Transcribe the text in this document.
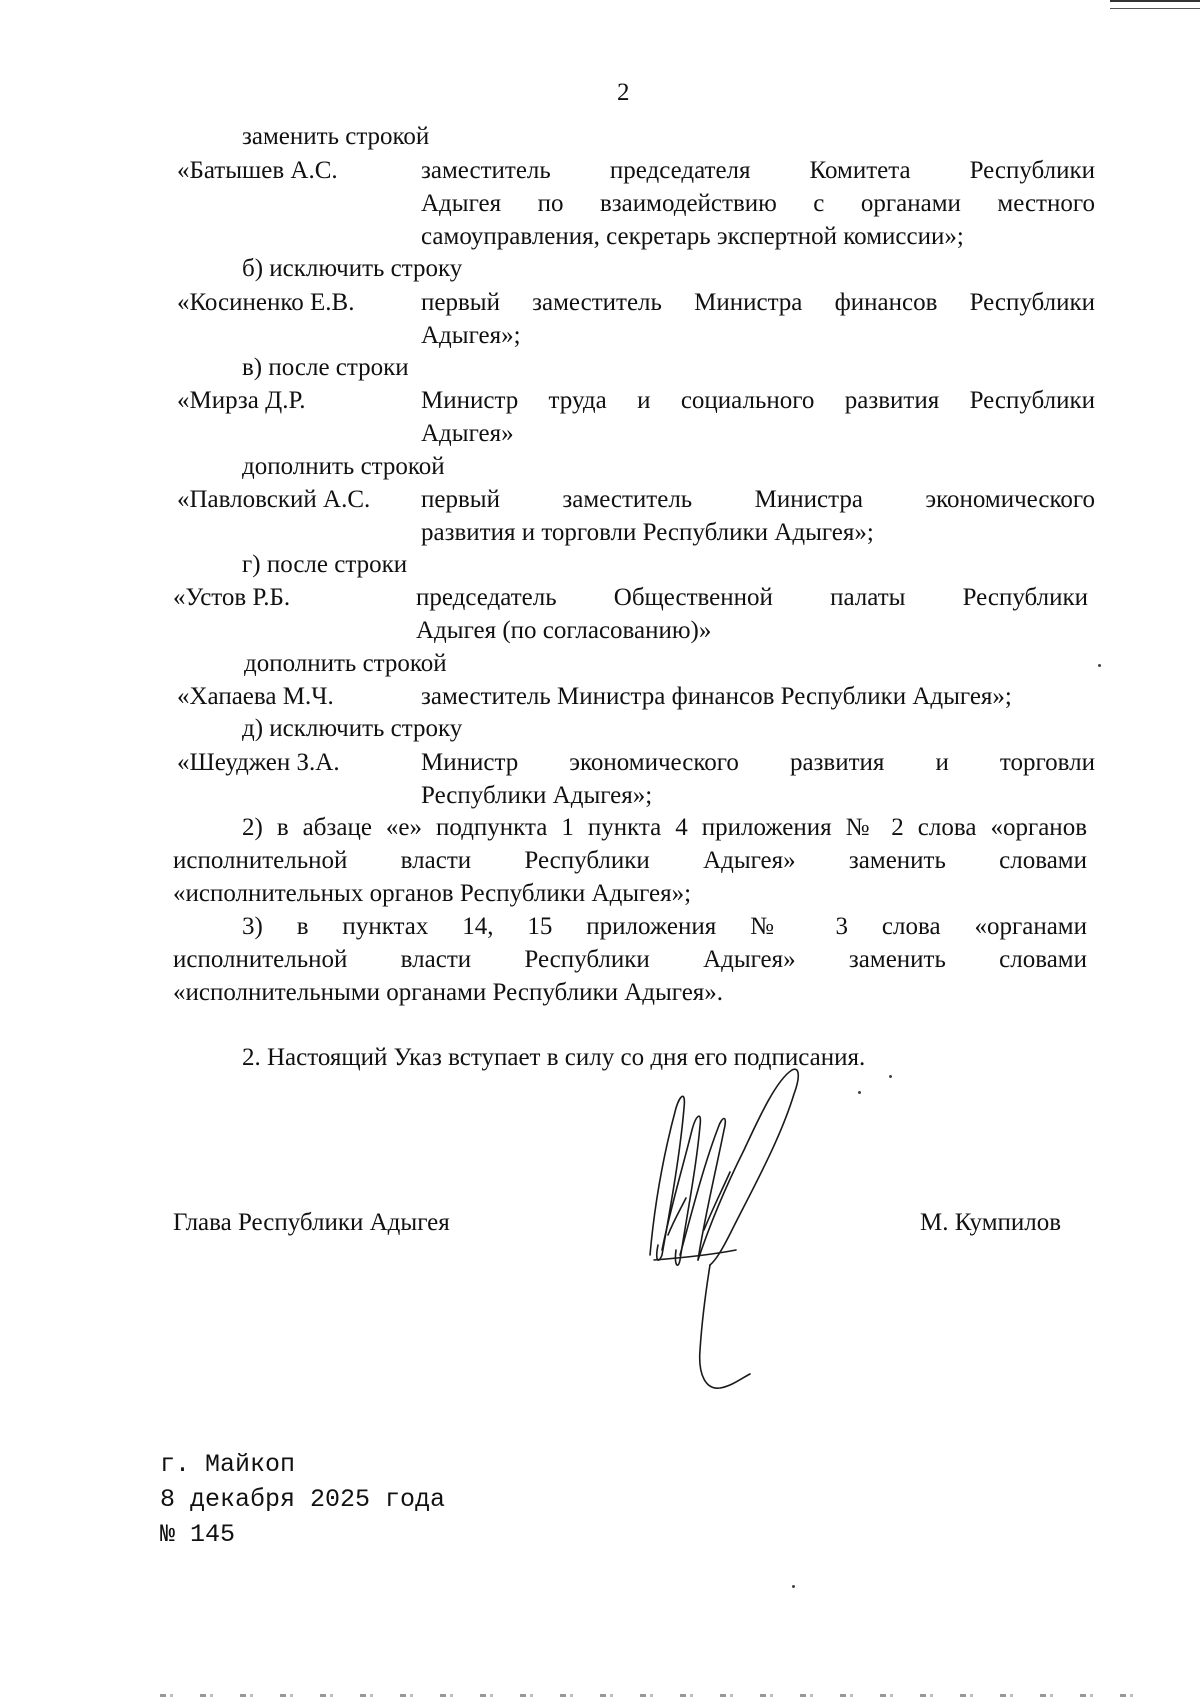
2
заменить строкой
«Батышев А.С.	заместитель председателя Комитета Республики
Адыгея по взаимодействию с органами местного
самоуправления, секретарь экспертной комиссии»;
б) исключить строку
«Косиненко Е.В.	первый заместитель Министра финансов Республики
Адыгея»;
в) после строки
«Мирза Д.Р.	Министр труда и социального развития Республики
Адыгея»
дополнить строкой
«Павловский А.С. первый заместитель Министра экономического
развития и торговли Республики Адыгея»;
г) после строки
«Устов Р.Б.	председатель Общественной палаты Республики
Адыгея (по согласованию)»
дополнить строкой
«Хапаева М.Ч.	заместитель Министра финансов Республики Адыгея»;
д) исключить строку
«Шеуджен З.А.	Министр экономического развития и торговли
Республики Адыгея»;
2) в абзаце «е» подпункта 1 пункта 4 приложения № 2 слова «органов
исполнительной власти Республики Адыгея» заменить словами
«исполнительных органов Республики Адыгея»;
3) в пунктах 14, 15 приложения № 3 слова «органами
исполнительной власти Республики Адыгея» заменить словами
«исполнительными органами Республики Адыгея».
2. Настоящий Указ вступает в силу со дня его подписания.
Глава Республики Адыгея	М. Кумпилов
г. Майкоп
8 декабря 2025 года
№ 145
